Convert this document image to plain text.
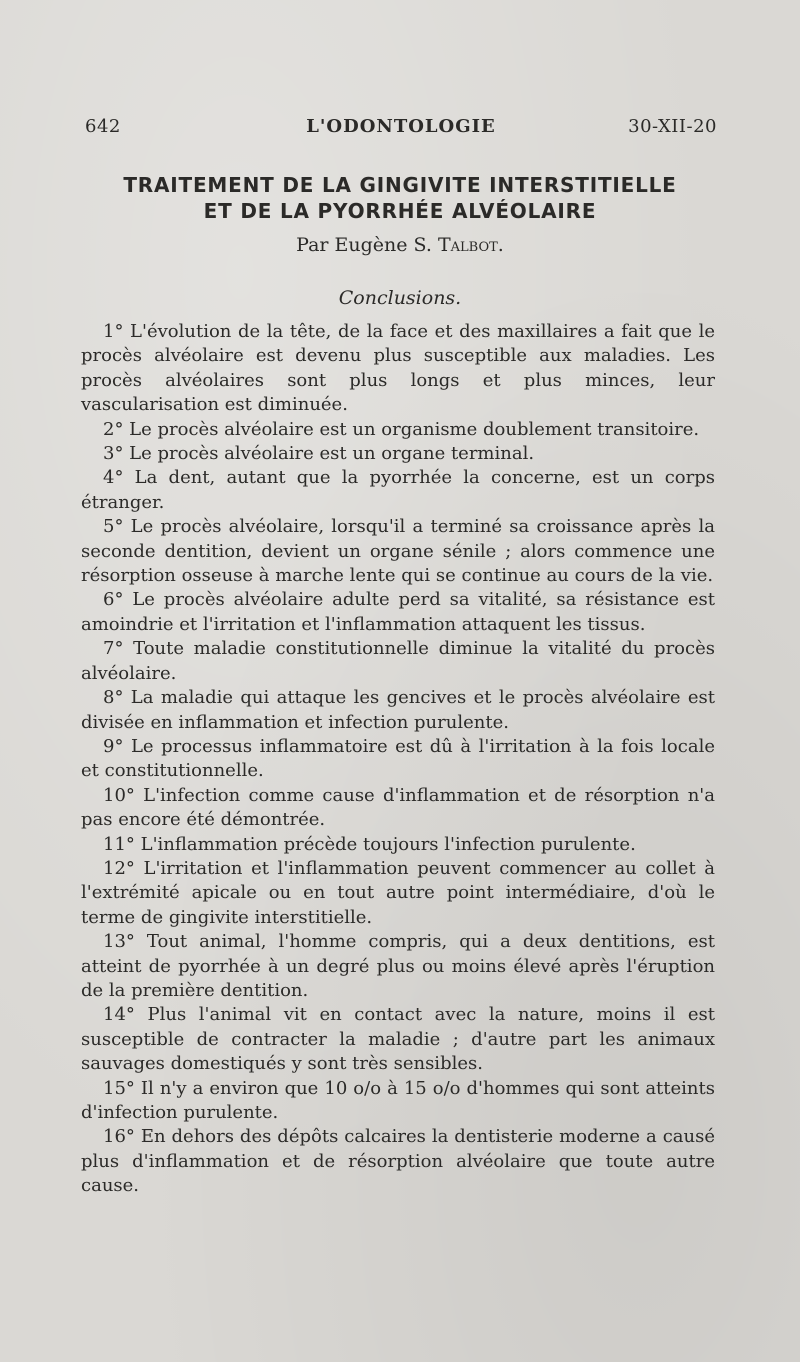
642	L'ODONTOLOGIE	30-XII-20
TRAITEMENT DE LA GINGIVITE INTERSTITIELLE
ET DE LA PYORRHÉE ALVÉOLAIRE
Par Eugène S. Talbot.
Conclusions.

1° L'évolution de la tête, de la face et des maxillaires a fait que le procès alvéolaire est devenu plus susceptible aux maladies. Les procès alvéolaires sont plus longs et plus minces, leur vascularisation est diminuée.

2° Le procès alvéolaire est un organisme doublement transitoire.

3° Le procès alvéolaire est un organe terminal.

4° La dent, autant que la pyorrhée la concerne, est un corps étranger.

5° Le procès alvéolaire, lorsqu'il a terminé sa croissance après la seconde dentition, devient un organe sénile ; alors commence une résorption osseuse à marche lente qui se continue au cours de la vie.

6° Le procès alvéolaire adulte perd sa vitalité, sa résistance est amoindrie et l'irritation et l'inflammation attaquent les tissus.

7° Toute maladie constitutionnelle diminue la vitalité du procès alvéolaire.

8° La maladie qui attaque les gencives et le procès alvéolaire est divisée en inflammation et infection purulente.

9° Le processus inflammatoire est dû à l'irritation à la fois locale et constitutionnelle.

10° L'infection comme cause d'inflammation et de résorption n'a pas encore été démontrée.

11° L'inflammation précède toujours l'infection purulente.

12° L'irritation et l'inflammation peuvent commencer au collet à l'extrémité apicale ou en tout autre point intermédiaire, d'où le terme de gingivite interstitielle.

13° Tout animal, l'homme compris, qui a deux dentitions, est atteint de pyorrhée à un degré plus ou moins élevé après l'éruption de la première dentition.

14° Plus l'animal vit en contact avec la nature, moins il est susceptible de contracter la maladie ; d'autre part les animaux sauvages domestiqués y sont très sensibles.

15° Il n'y a environ que 10 o/o à 15 o/o d'hommes qui sont atteints d'infection purulente.

16° En dehors des dépôts calcaires la dentisterie moderne a causé plus d'inflammation et de résorption alvéolaire que toute autre cause.
